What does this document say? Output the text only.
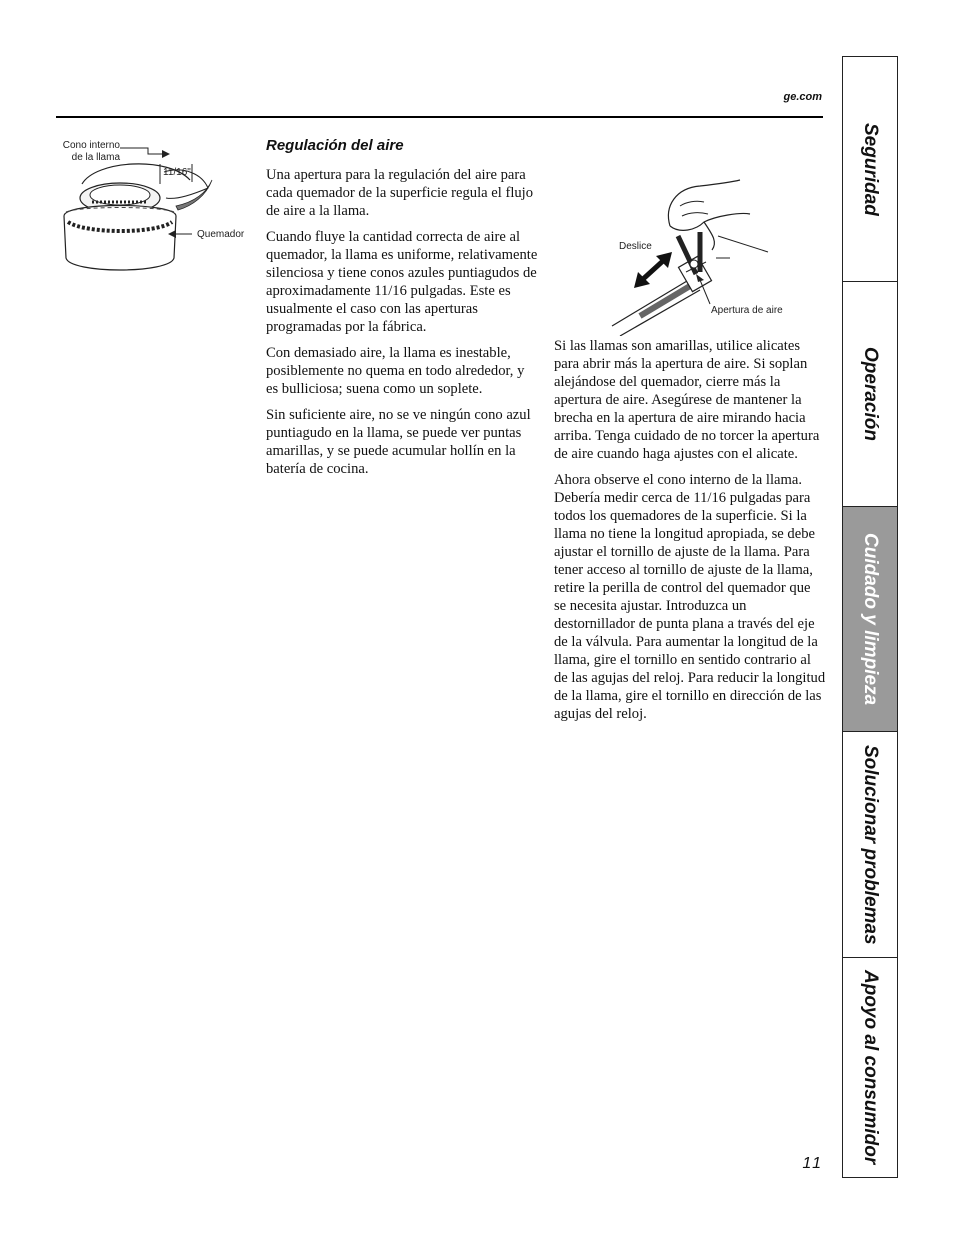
ge.com
Cono interno de la llama
11/16"
Quemador
Regulación del aire

Una apertura para la regulación del aire para cada quemador de la superficie regula el flujo de aire a la llama.

Cuando fluye la cantidad correcta de aire al quemador, la llama es uniforme, relativamente silenciosa y tiene conos azules puntiagudos de aproximadamente 11/16 pulgadas. Este es usualmente el caso con las aperturas programadas por la fábrica.

Con demasiado aire, la llama es inestable, posiblemente no quema en todo alrededor, y es bulliciosa; suena como un soplete.

Sin suficiente aire, no se ve ningún cono azul puntiagudo en la llama, se puede ver puntas amarillas, y se puede acumular hollín en la batería de cocina.

Deslice
Apertura de aire

Si las llamas son amarillas, utilice alicates para abrir más la apertura de aire. Si soplan alejándose del quemador, cierre más la apertura de aire. Asegúrese de mantener la brecha en la apertura de aire mirando hacia arriba. Tenga cuidado de no torcer la apertura de aire cuando haga ajustes con el alicate.

Ahora observe el cono interno de la llama. Debería medir cerca de 11/16 pulgadas para todos los quemadores de la superficie. Si la llama no tiene la longitud apropiada, se debe ajustar el tornillo de ajuste de la llama. Para tener acceso al tornillo de ajuste de la llama, retire la perilla de control del quemador que se necesita ajustar. Introduzca un destornillador de punta plana a través del eje de la válvula. Para aumentar la longitud de la llama, gire el tornillo en sentido contrario al de las agujas del reloj. Para reducir la longitud de la llama, gire el tornillo en dirección de las agujas del reloj.

Seguridad
Operación
Cuidado y limpieza
Solucionar problemas
Apoyo al consumidor
11
